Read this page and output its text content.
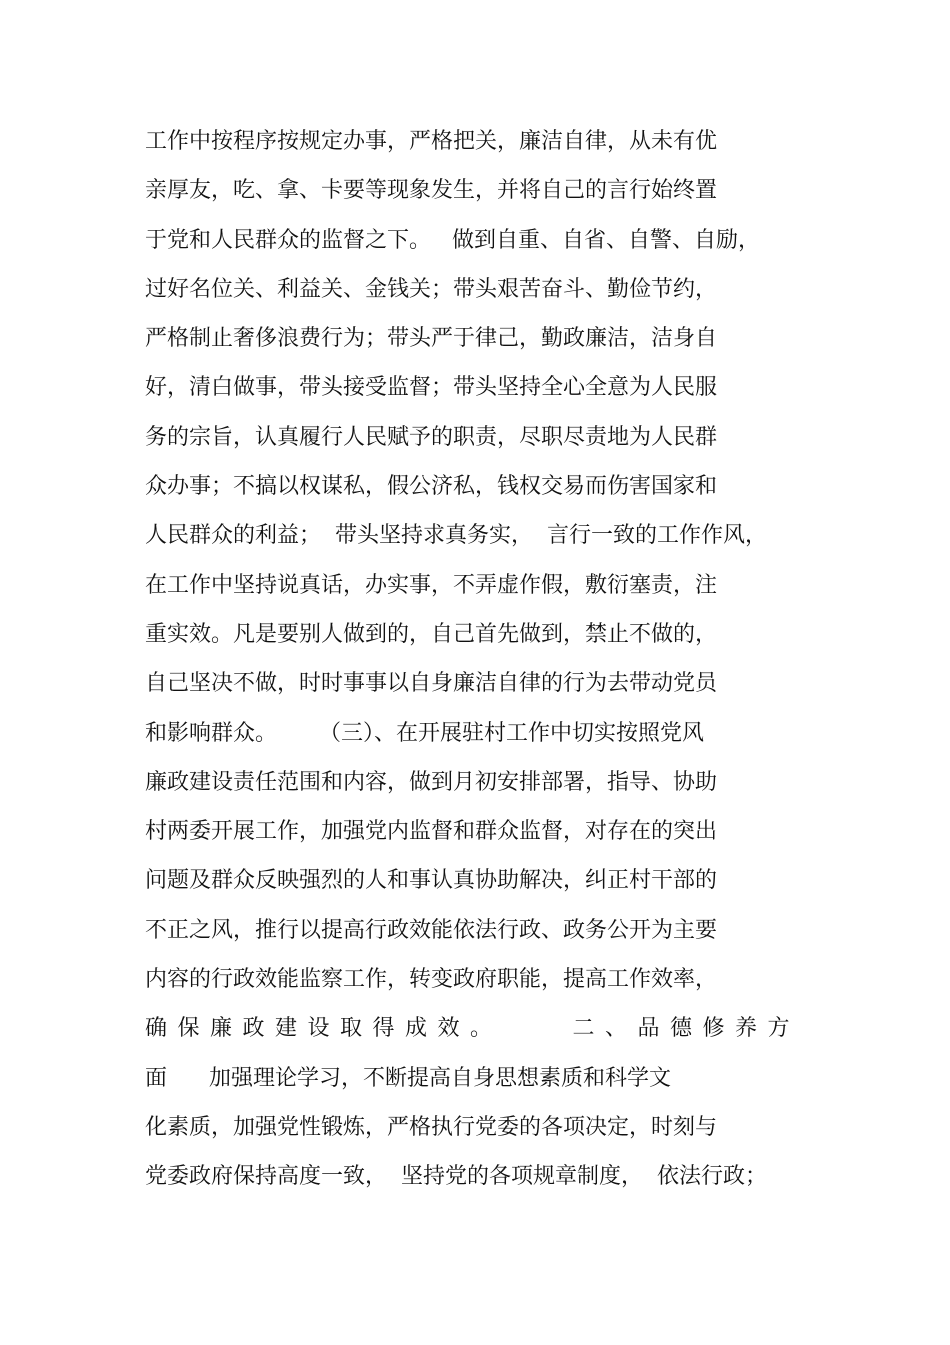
工作中按程序按规定办事，严格把关，廉洁自律，从未有优
亲厚友，吃、拿、卡要等现象发生，并将自己的言行始终置
于党和人民群众的监督之下。   做到自重、自省、自警、自励，
过好名位关、利益关、金钱关；带头艰苦奋斗、勤俭节约，
严格制止奢侈浪费行为；带头严于律己，勤政廉洁，洁身自
好，清白做事，带头接受监督；带头坚持全心全意为人民服
务的宗旨，认真履行人民赋予的职责，尽职尽责地为人民群
众办事；不搞以权谋私，假公济私，钱权交易而伤害国家和
人民群众的利益；  带头坚持求真务实，  言行一致的工作作风，
在工作中坚持说真话，办实事，不弄虚作假，敷衍塞责，注
重实效。凡是要别人做到的，自己首先做到，禁止不做的，
自己坚决不做，时时事事以自身廉洁自律的行为去带动党员
和影响群众。      （三）、在开展驻村工作中切实按照党风
廉政建设责任范围和内容，做到月初安排部署，指导、协助
村两委开展工作，加强党内监督和群众监督，对存在的突出
问题及群众反映强烈的人和事认真协助解决，纠正村干部的
不正之风，推行以提高行政效能依法行政、政务公开为主要
内容的行政效能监察工作，转变政府职能，提高工作效率，
确保廉政建设取得成效。    二、品德修养方
面      加强理论学习，不断提高自身思想素质和科学文
化素质，加强党性锻炼，严格执行党委的各项决定，时刻与
党委政府保持高度一致，  坚持党的各项规章制度，  依法行政；
